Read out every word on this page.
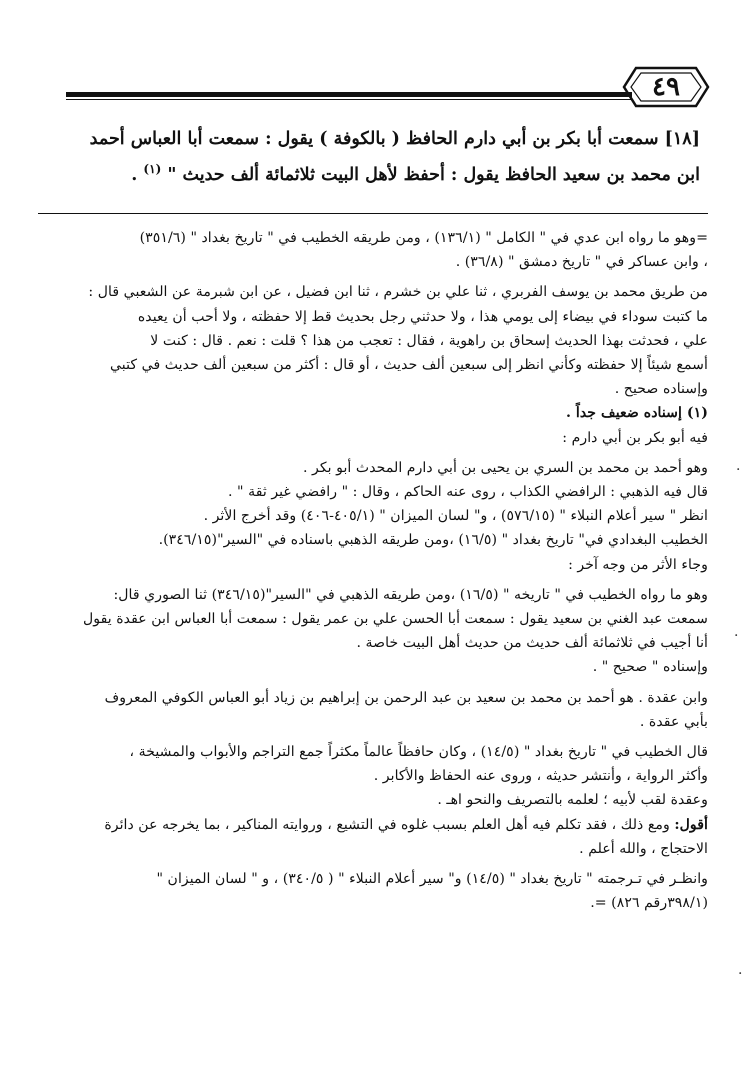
٤٩

[١٨] سمعت أبا بكر بن أبي دارم الحافظ ( بالكوفة ) يقول : سمعت أبا العباس أحمد

ابن محمد بن سعيد الحافظ يقول : أحفظ لأهل البيت ثلاثمائة ألف حديث " $^{(١)}$ .

=وهو ما رواه ابن عدي في " الكامل " (١٣٦/١) ، ومن طريقه الخطيب في " تاريخ بغداد " (٣٥١/٦)

، وابن عساكر في " تاريخ دمشق " (٣٦/٨) .

من طريق محمد بن يوسف الفربري ، ثنا علي بن خشرم ، ثنا ابن فضيل ، عن ابن شبرمة عن الشعبي قال :

ما كتبت سوداء في بيضاء إلى يومي هذا ، ولا حدثني رجل بحديث قط إلا حفظته ، ولا أحب أن يعيده

علي ، فحدثت بهذا الحديث إسحاق بن راهوية ، فقال : تعجب من هذا ؟ قلت : نعم . قال : كنت لا

أسمع شيئاً إلا حفظته وكأني انظر إلى سبعين ألف حديث ، أو قال : أكثر من سبعين ألف حديث في كتبي

وإسناده صحيح .

(١) إسناده ضعيف جداً .

فيه أبو بكر بن أبي دارم :

وهو أحمد بن محمد بن السري بن يحيى بن أبي دارم المحدث أبو بكر .

قال فيه الذهبي : الرافضي الكذاب ، روى عنه الحاكم ، وقال : " رافضي غير ثقة " .

انظر " سير أعلام النبلاء " (٥٧٦/١٥) ، و" لسان الميزان " (٤٠٥/١-٤٠٦) وقد أخرج الأثر .

الخطيب البغدادي في" تاريخ بغداد " (١٦/٥) ،ومن طريقه الذهبي باسناده في "السير"(٣٤٦/١٥).

وجاء الأثر من وجه آخر :

وهو ما رواه الخطيب في " تاريخه " (١٦/٥) ،ومن طريقه الذهبي في "السير"(٣٤٦/١٥) ثنا الصوري قال:

سمعت عبد الغني بن سعيد يقول : سمعت أبا الحسن علي بن عمر يقول : سمعت أبا العباس ابن عقدة يقول

أنا أجيب في ثلاثمائة ألف حديث من حديث أهل البيت خاصة .

وإسناده " صحيح " .

وابن عقدة . هو أحمد بن محمد بن سعيد بن عبد الرحمن بن إبراهيم بن زياد أبو العباس الكوفي المعروف

بأبي عقدة .

قال الخطيب في " تاريخ بغداد " (١٤/٥) ، وكان حافظاً عالماً مكثراً جمع التراجم والأبواب والمشيخة ،

وأكثر الرواية ، وأنتشر حديثه ، وروى عنه الحفاظ والأكابر .

وعقدة لقب لأبيه ؛ لعلمه بالتصريف والنحو اهـ .

أقول: ومع ذلك ، فقد تكلم فيه أهل العلم بسبب غلوه في التشيع ، وروايته المناكير ، بما يخرجه عن دائرة

الاحتجاج ، والله أعلم .

وانظـر في تـرجمته " تاريخ بغداد " (١٤/٥) و" سير أعلام النبلاء " ( ٣٤٠/٥) ، و " لسان الميزان "

(٣٩٨/١رقم ٨٢٦) =.

·
·
·
